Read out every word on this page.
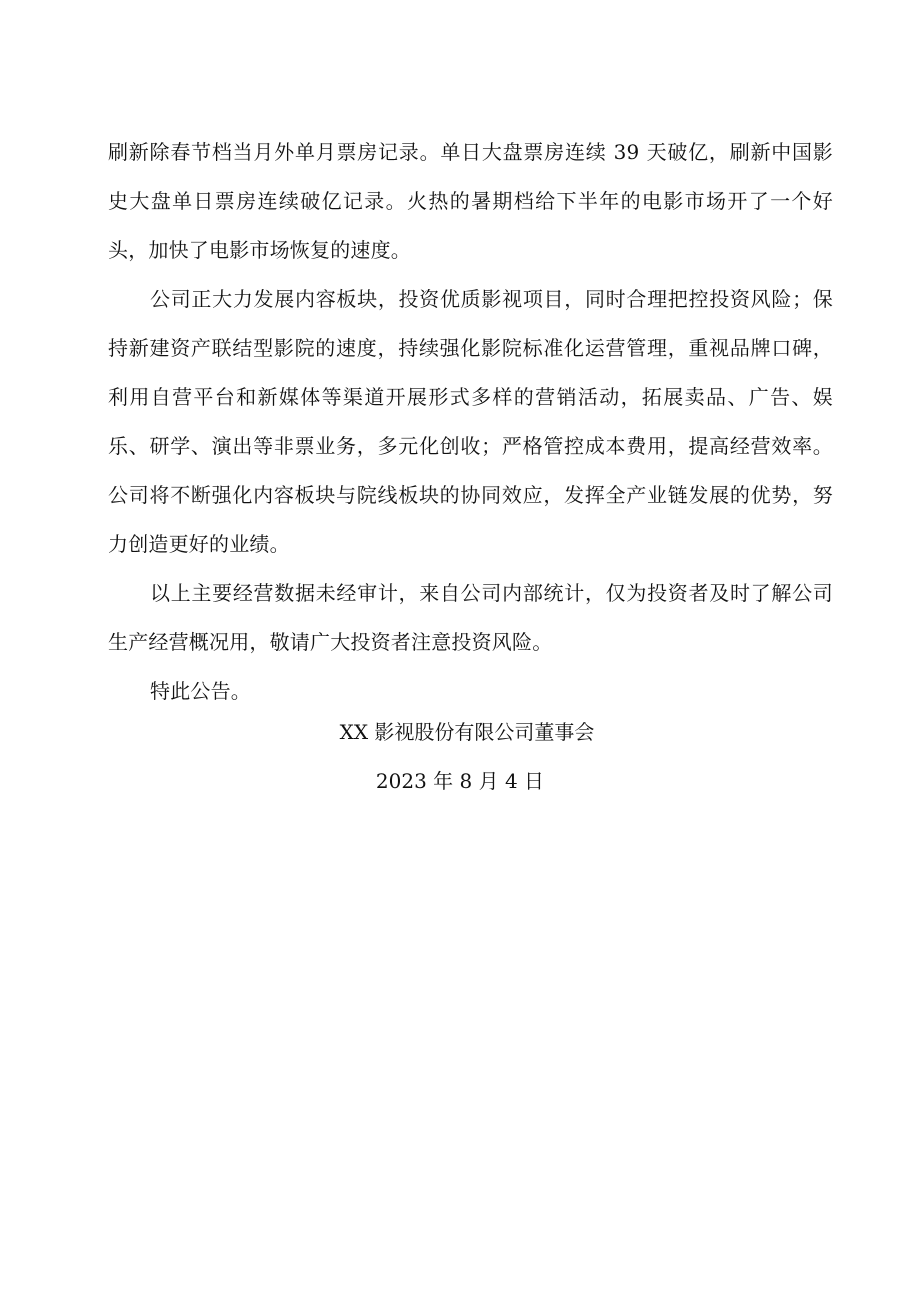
刷新除春节档当月外单月票房记录。单日大盘票房连续 39 天破亿，刷新中国影史大盘单日票房连续破亿记录。火热的暑期档给下半年的电影市场开了一个好头，加快了电影市场恢复的速度。

公司正大力发展内容板块，投资优质影视项目，同时合理把控投资风险；保持新建资产联结型影院的速度，持续强化影院标准化运营管理，重视品牌口碑，利用自营平台和新媒体等渠道开展形式多样的营销活动，拓展卖品、广告、娱乐、研学、演出等非票业务，多元化创收；严格管控成本费用，提高经营效率。公司将不断强化内容板块与院线板块的协同效应，发挥全产业链发展的优势，努力创造更好的业绩。

以上主要经营数据未经审计，来自公司内部统计，仅为投资者及时了解公司生产经营概况用，敬请广大投资者注意投资风险。

特此公告。

XX 影视股份有限公司董事会
2023 年 8 月 4 日
